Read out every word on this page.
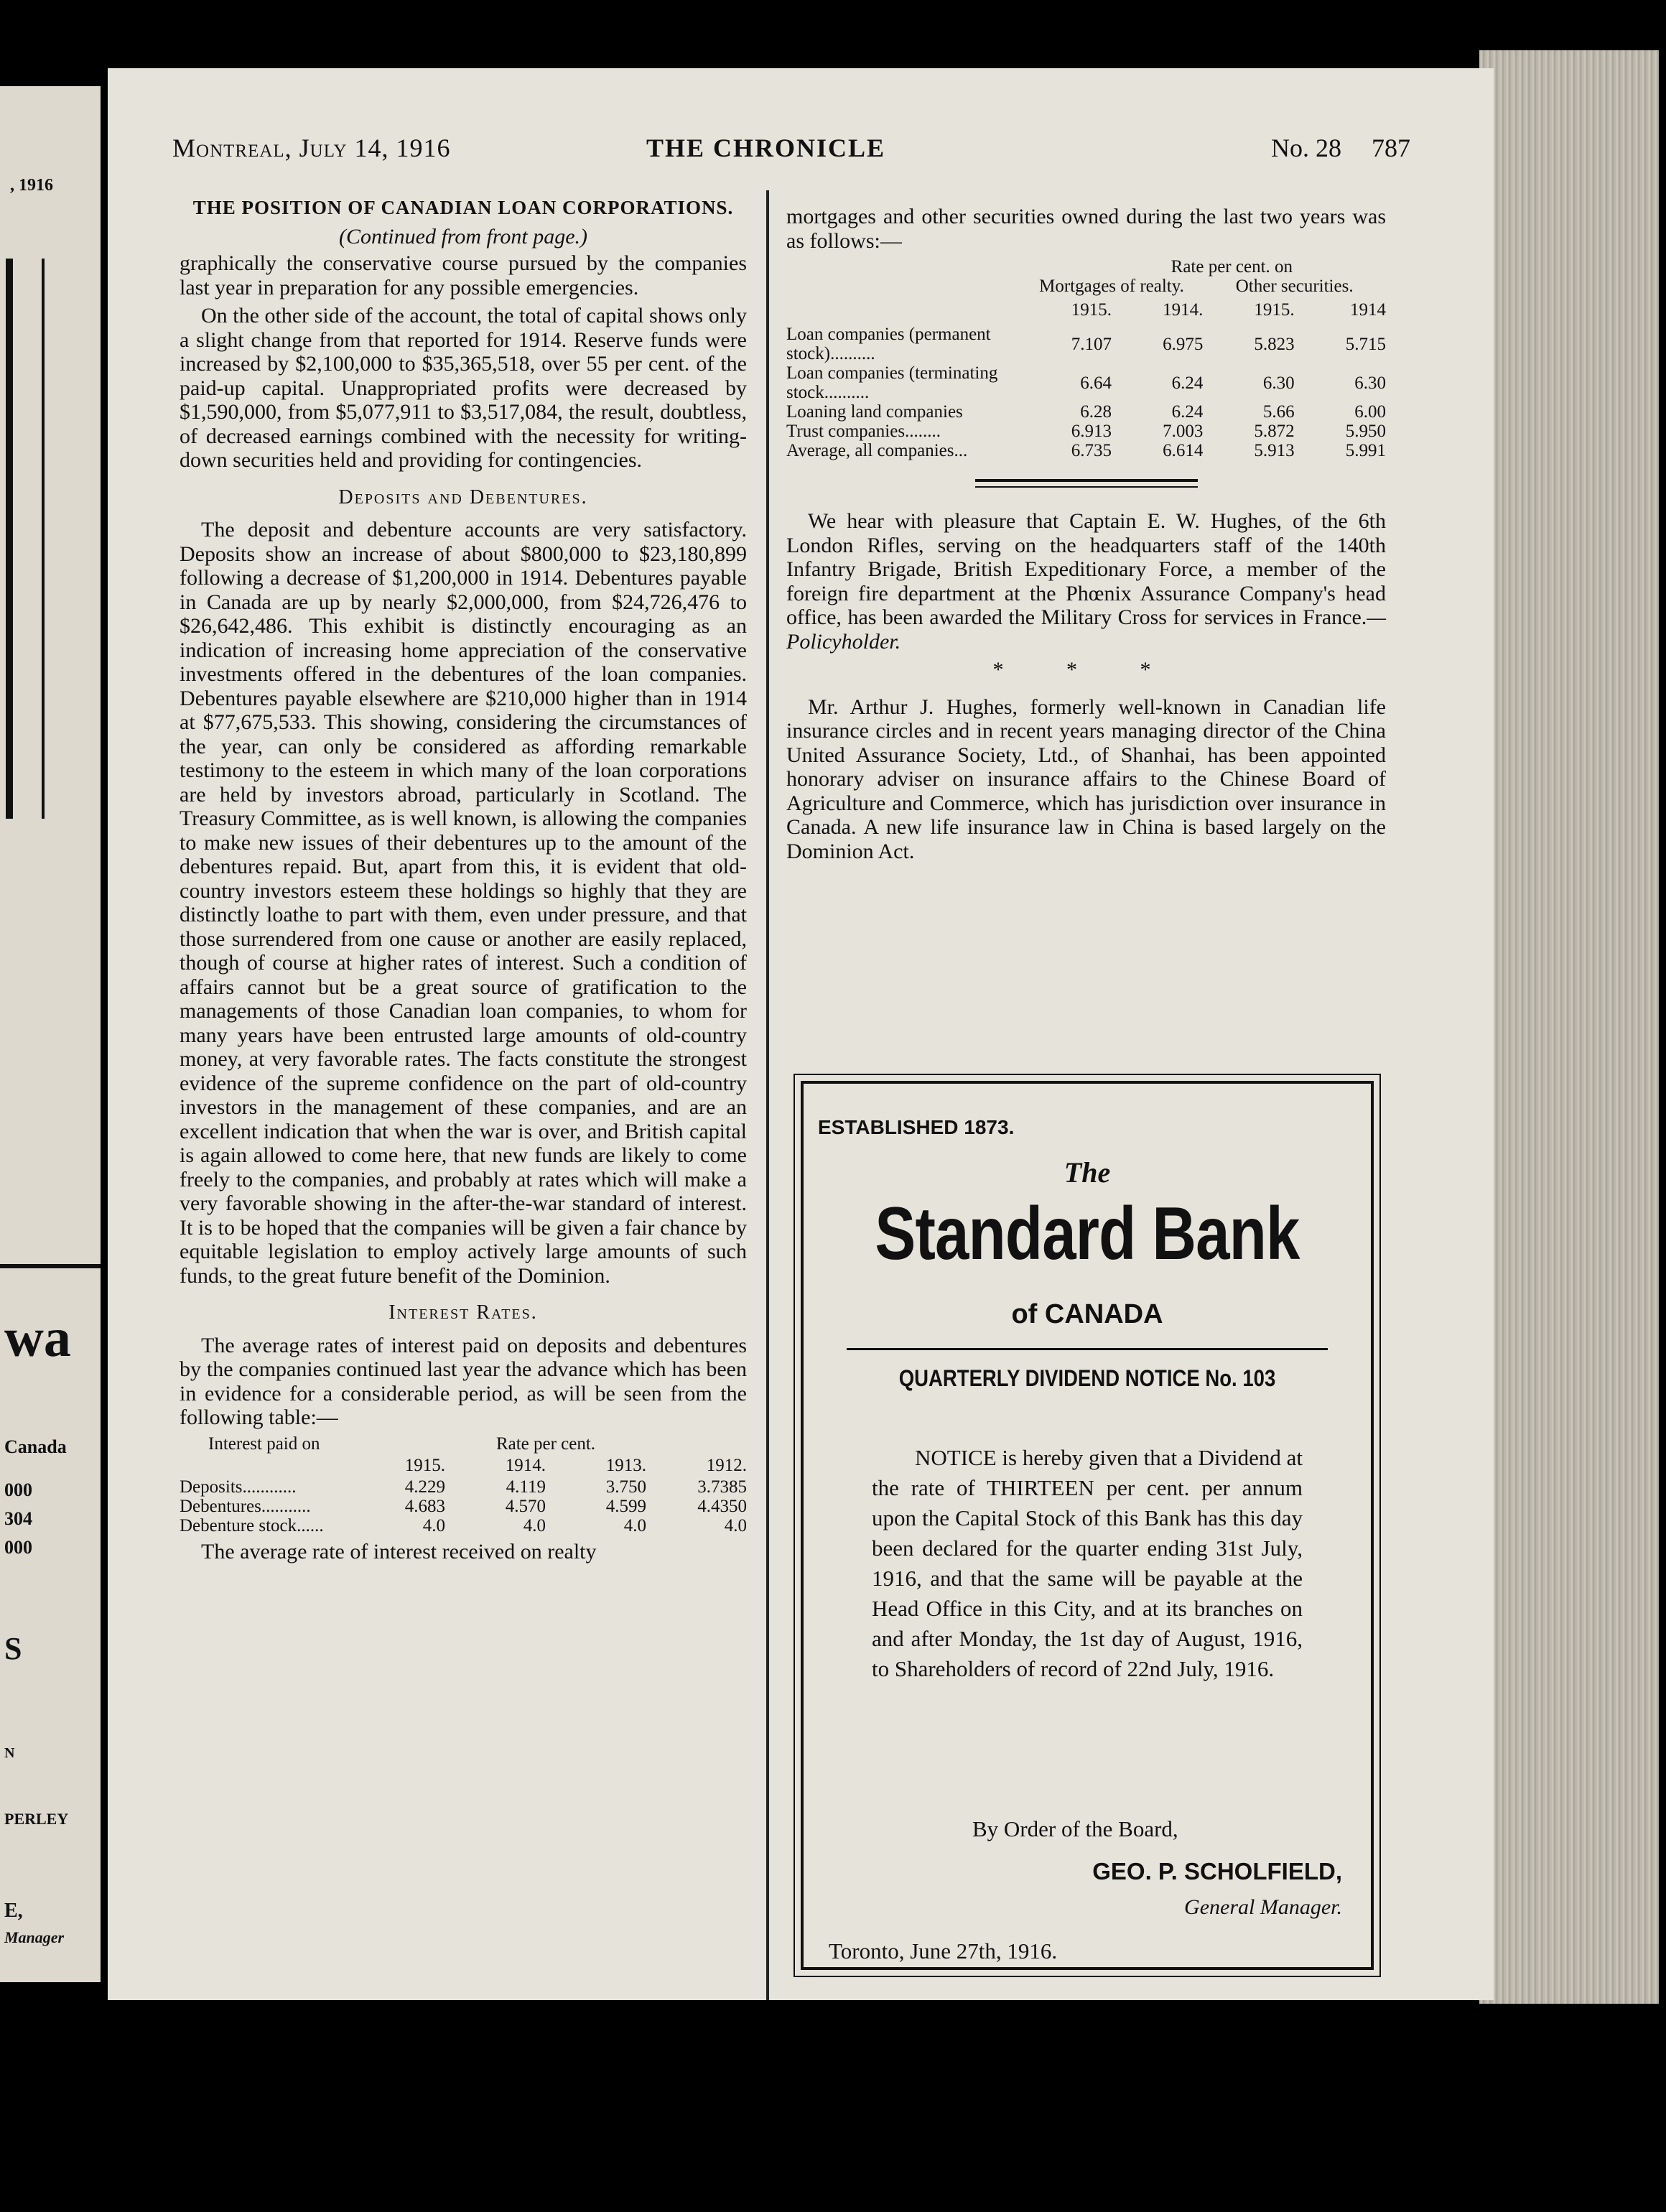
, 1916
wa
Canada
000
304
000
S
N
PERLEY
E,
Manager
Montreal, July 14, 1916	THE CHRONICLE	No. 28 787
THE POSITION OF CANADIAN LOAN CORPORATIONS.
(Continued from front page.)

graphically the conservative course pursued by the companies last year in preparation for any possible emergencies.

On the other side of the account, the total of capital shows only a slight change from that reported for 1914. Reserve funds were increased by $2,100,000 to $35,365,518, over 55 per cent. of the paid-up capital. Unappropriated profits were decreased by $1,590,000, from $5,077,911 to $3,517,084, the result, doubtless, of decreased earnings combined with the necessity for writing-down securities held and providing for contingencies.

Deposits and Debentures.

The deposit and debenture accounts are very satisfactory. Deposits show an increase of about $800,000 to $23,180,899 following a decrease of $1,200,000 in 1914. Debentures payable in Canada are up by nearly $2,000,000, from $24,726,476 to $26,642,486. This exhibit is distinctly encouraging as an indication of increasing home appreciation of the conservative investments offered in the debentures of the loan companies. Debentures payable elsewhere are $210,000 higher than in 1914 at $77,675,533. This showing, considering the circumstances of the year, can only be considered as affording remarkable testimony to the esteem in which many of the loan corporations are held by investors abroad, particularly in Scotland. The Treasury Committee, as is well known, is allowing the companies to make new issues of their debentures up to the amount of the debentures repaid. But, apart from this, it is evident that old-country investors esteem these holdings so highly that they are distinctly loathe to part with them, even under pressure, and that those surrendered from one cause or another are easily replaced, though of course at higher rates of interest. Such a condition of affairs cannot but be a great source of gratification to the managements of those Canadian loan companies, to whom for many years have been entrusted large amounts of old-country money, at very favorable rates. The facts constitute the strongest evidence of the supreme confidence on the part of old-country investors in the management of these companies, and are an excellent indication that when the war is over, and British capital is again allowed to come here, that new funds are likely to come freely to the companies, and probably at rates which will make a very favorable showing in the after-the-war standard of interest. It is to be hoped that the companies will be given a fair chance by equitable legislation to employ actively large amounts of such funds, to the great future benefit of the Dominion.

Interest Rates.

The average rates of interest paid on deposits and debentures by the companies continued last year the advance which has been in evidence for a considerable period, as will be seen from the following table:—

Interest paid on	Rate per cent.			
	1915.	1914.	1913.	1912.
Deposits............	4.229	4.119	3.750	3.7385
Debentures...........	4.683	4.570	4.599	4.4350
Debenture stock......	4.0	4.0	4.0	4.0

The average rate of interest received on realty

mortgages and other securities owned during the last two years was as follows:—

	Rate per cent. on			
	Mortgages of realty.		Other securities.	
	1915.	1914.	1915.	1914
Loan companies (permanent stock)..........	7.107	6.975	5.823	5.715
Loan companies (terminating stock..........	6.64	6.24	6.30	6.30
Loaning land companies	6.28	6.24	5.66	6.00
Trust companies........	6.913	7.003	5.872	5.950
Average, all companies...	6.735	6.614	5.913	5.991

We hear with pleasure that Captain E. W. Hughes, of the 6th London Rifles, serving on the headquarters staff of the 140th Infantry Brigade, British Expeditionary Force, a member of the foreign fire department at the Phœnix Assurance Company's head office, has been awarded the Military Cross for services in France.—Policyholder.

* * *

Mr. Arthur J. Hughes, formerly well-known in Canadian life insurance circles and in recent years managing director of the China United Assurance Society, Ltd., of Shanhai, has been appointed honorary adviser on insurance affairs to the Chinese Board of Agriculture and Commerce, which has jurisdiction over insurance in Canada. A new life insurance law in China is based largely on the Dominion Act.

ESTABLISHED 1873.
The
Standard Bank
of CANADA
QUARTERLY DIVIDEND NOTICE No. 103
NOTICE is hereby given that a Dividend at the rate of THIRTEEN per cent. per annum upon the Capital Stock of this Bank has this day been declared for the quarter ending 31st July, 1916, and that the same will be payable at the Head Office in this City, and at its branches on and after Monday, the 1st day of August, 1916, to Shareholders of record of 22nd July, 1916.
By Order of the Board,
GEO. P. SCHOLFIELD,
General Manager.
Toronto, June 27th, 1916.
